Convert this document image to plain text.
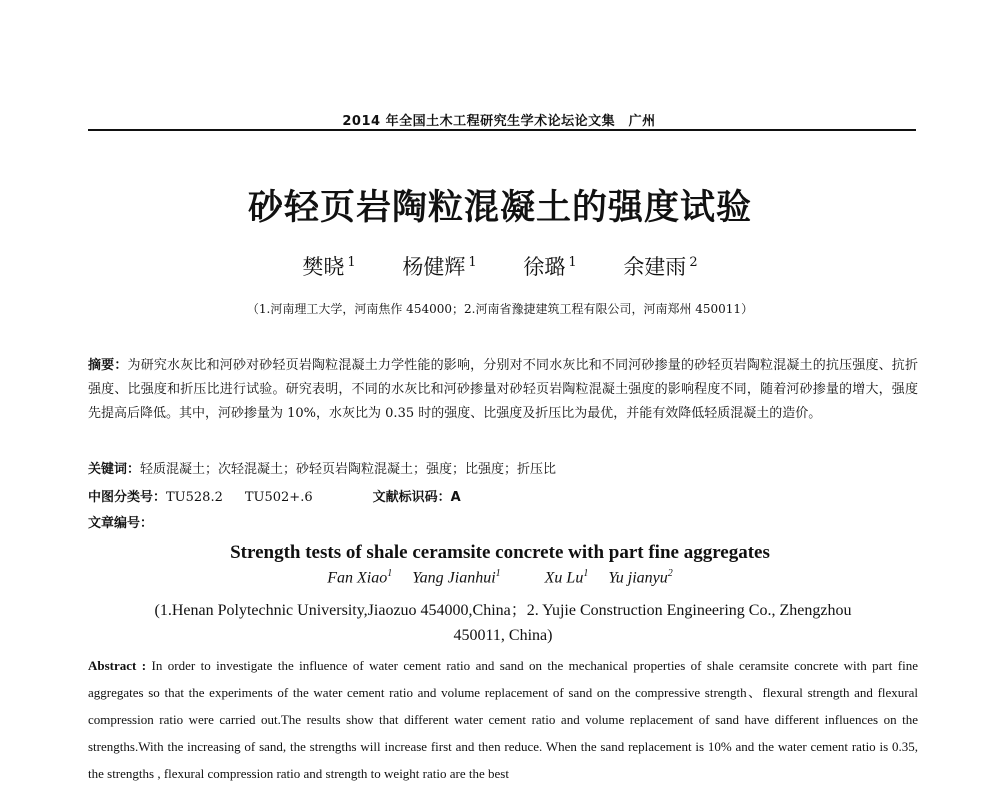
2014 年全国土木工程研究生学术论坛论文集　广州
砂轻页岩陶粒混凝土的强度试验
樊晓 $^1$ 杨健辉 $^1$ 徐璐 $^1$ 余建雨 $^2$
（1.河南理工大学，河南焦作 454000；2.河南省豫捷建筑工程有限公司，河南郑州 450011）
摘要：为研究水灰比和河砂对砂轻页岩陶粒混凝土力学性能的影响，分别对不同水灰比和不同河砂掺量的砂轻页岩陶粒混凝土的抗压强度、抗折强度、比强度和折压比进行试验。研究表明，不同的水灰比和河砂掺量对砂轻页岩陶粒混凝土强度的影响程度不同，随着河砂掺量的增大，强度先提高后降低。其中，河砂掺量为 10%，水灰比为 0.35 时的强度、比强度及折压比为最优，并能有效降低轻质混凝土的造价。
关键词：轻质混凝土；次轻混凝土；砂轻页岩陶粒混凝土；强度；比强度；折压比
中图分类号：TU528.2 TU502+.6	文献标识码：A
文章编号：
Strength tests of shale ceramsite concrete with part fine aggregates
Fan Xiao$^1$ Yang Jianhui$^1$	Xu Lu$^1$ Yu jianyu$^2$
(1.Henan Polytechnic University,Jiaozuo 454000,China；2. Yujie Construction Engineering Co., Zhengzhou 450011, China)
Abstract : In order to investigate the influence of water cement ratio and sand on the mechanical properties of shale ceramsite concrete with part fine aggregates so that the experiments of the water cement ratio and volume replacement of sand on the compressive strength、flexural strength and flexural compression ratio were carried out.The results show that different water cement ratio and volume replacement of sand have different influences on the strengths.With the increasing of sand, the strengths will increase first and then reduce. When the sand replacement is 10% and the water cement ratio is 0.35, the strengths , flexural compression ratio and strength to weight ratio are the best
